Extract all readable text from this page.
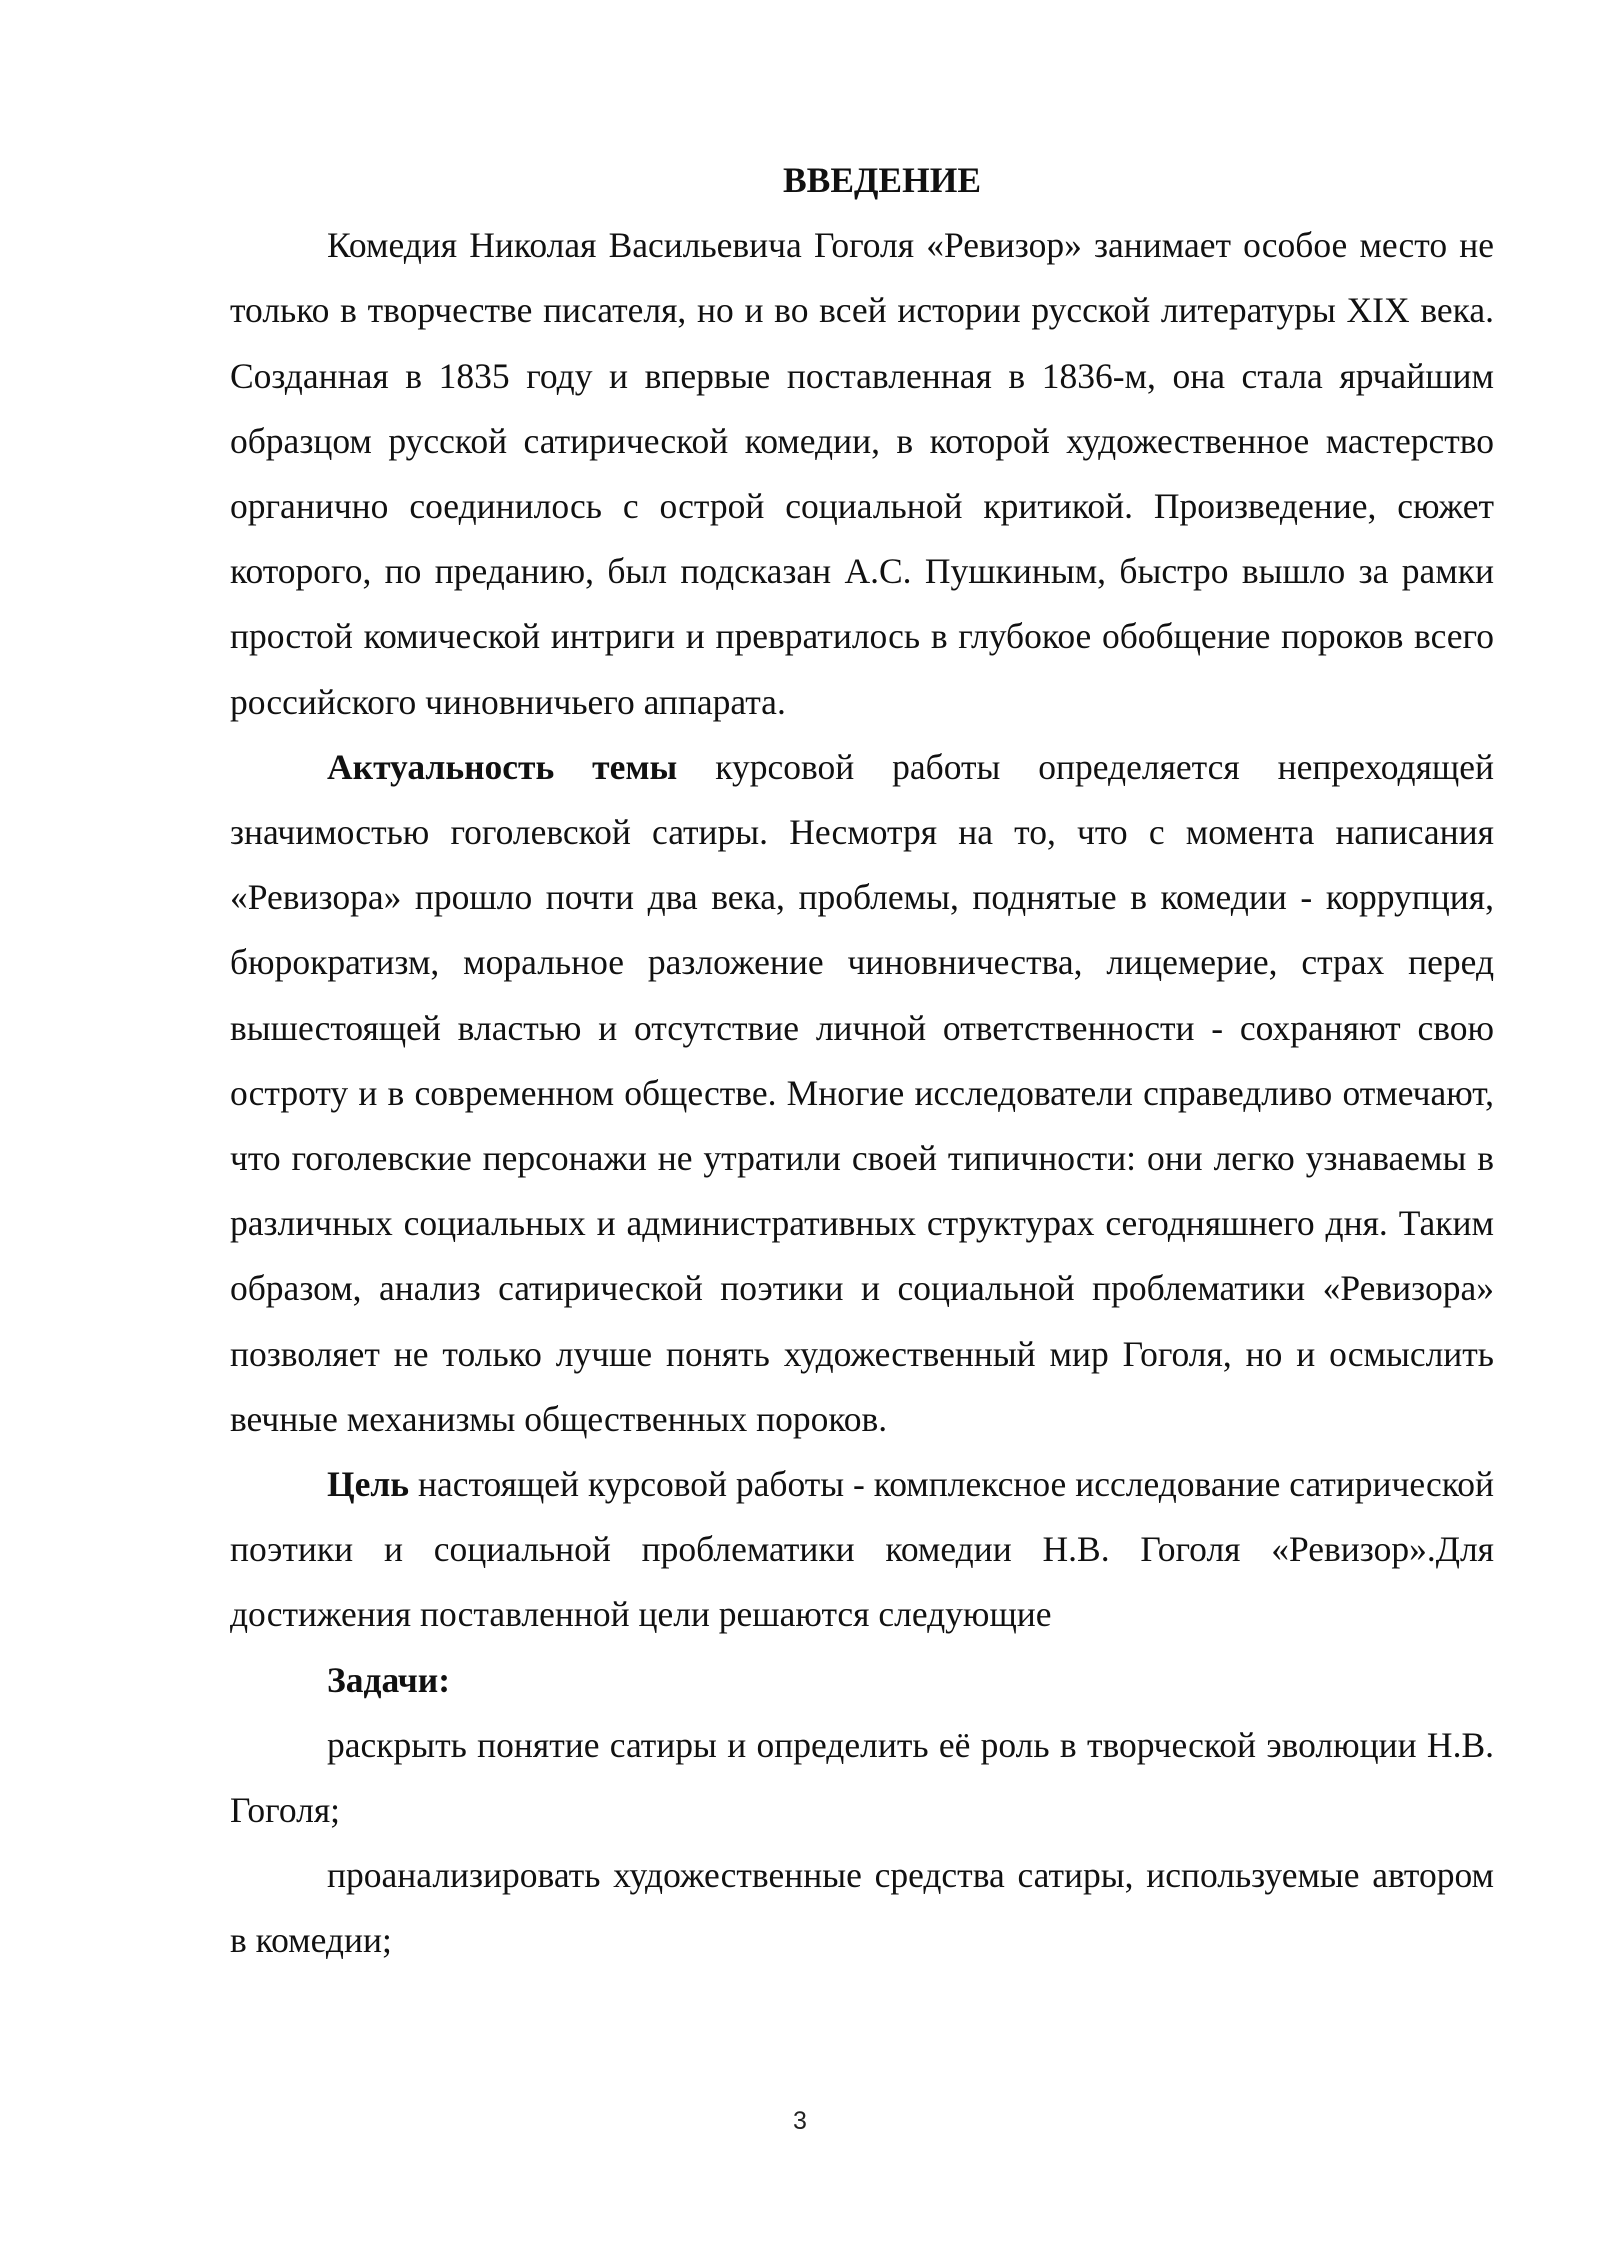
ВВЕДЕНИЕ

Комедия Николая Васильевича Гоголя «Ревизор» занимает особое место не только в творчестве писателя, но и во всей истории русской литературы XIX века. Созданная в 1835 году и впервые поставленная в 1836-м, она стала ярчайшим образцом русской сатирической комедии, в которой художественное мастерство органично соединилось с острой социальной критикой. Произведение, сюжет которого, по преданию, был подсказан А.С. Пушкиным, быстро вышло за рамки простой комической интриги и превратилось в глубокое обобщение пороков всего российского чиновничьего аппарата.

Актуальность темы курсовой работы определяется непреходящей значимостью гоголевской сатиры. Несмотря на то, что с момента написания «Ревизора» прошло почти два века, проблемы, поднятые в комедии - коррупция, бюрократизм, моральное разложение чиновничества, лицемерие, страх перед вышестоящей властью и отсутствие личной ответственности - сохраняют свою остроту и в современном обществе. Многие исследователи справедливо отмечают, что гоголевские персонажи не утратили своей типичности: они легко узнаваемы в различных социальных и административных структурах сегодняшнего дня. Таким образом, анализ сатирической поэтики и социальной проблематики «Ревизора» позволяет не только лучше понять художественный мир Гоголя, но и осмыслить вечные механизмы общественных пороков.

Цель настоящей курсовой работы - комплексное исследование сатирической поэтики и социальной проблематики комедии Н.В. Гоголя «Ревизор».Для достижения поставленной цели решаются следующие

Задачи:

раскрыть понятие сатиры и определить её роль в творческой эволюции Н.В. Гоголя;

проанализировать художественные средства сатиры, используемые автором в комедии;

3
